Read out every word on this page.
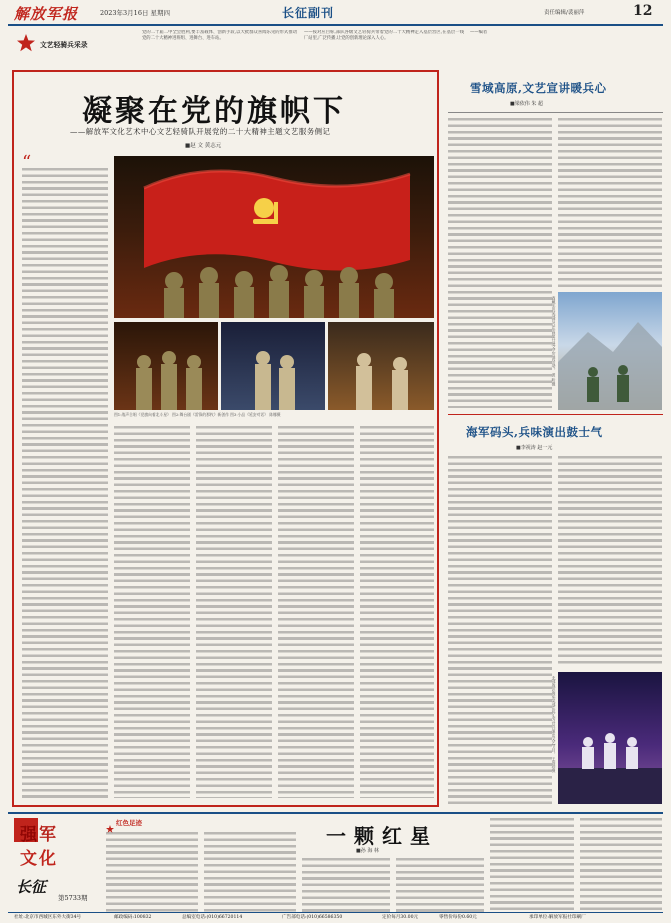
解放军报	2023年3月16日 星期四	长征副刊	责任编辑/裴丽萍	12
文艺轻骑兵采录
党的二十届二中全会胜利,要丰富载体、创新手段,以大批群众喜闻乐见的形式推动党的二十大精神进班组、进舞台、进车站。
——按对应目标,部队各级文艺轻骑兵带着党的二十大精神走入基层营区,在基层一线厂站里,广泛传播,让党的创新理论深入人心。
——编者
凝聚在党的旗帜下
——解放军文化艺术中心文艺轻骑队开展党的二十大精神主题文艺服务侧记
■赵 文 黄志元
“
图1:战声合唱《党旗向着北斗星》 图2:舞台剧《雷锋的那枚》新创作 图3:小品《延安对话》 陈娜摄
雪域高原,文艺宣讲暖兵心
■梁依伟 朱 超
西藏军区某部官兵在高原开展文艺宣讲活动。 黄 昕摄
海军码头,兵味演出鼓士气
■李祝涛 赵一元
北部战区海军某部在码头为官兵演出文艺节目。 王国珍摄
强军
文化
长征
第5733期
红色足迹
一颗红星
■孙 海 林
社址:北京市西城区东外大街34号	邮政编码:100832	总编室电话:(010)66720114	广告部电话:(010)66586350	定价每月30.00元	零售价每份0.60元	承印单位:解放军报社印刷厂
